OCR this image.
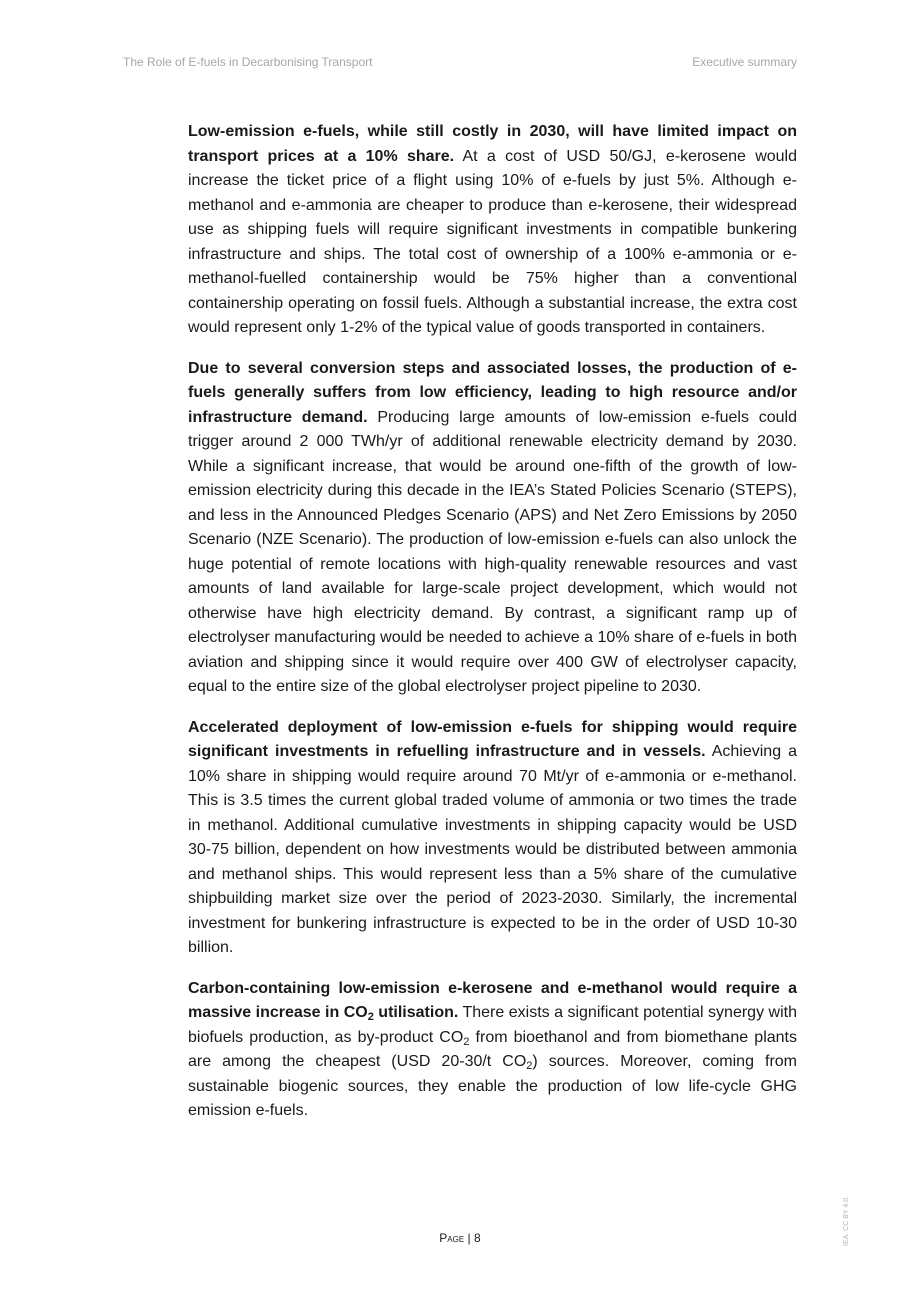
The Role of E-fuels in Decarbonising Transport	Executive summary

Low-emission e-fuels, while still costly in 2030, will have limited impact on transport prices at a 10% share. At a cost of USD 50/GJ, e-kerosene would increase the ticket price of a flight using 10% of e-fuels by just 5%. Although e-methanol and e-ammonia are cheaper to produce than e-kerosene, their widespread use as shipping fuels will require significant investments in compatible bunkering infrastructure and ships. The total cost of ownership of a 100% e-ammonia or e-methanol-fuelled containership would be 75% higher than a conventional containership operating on fossil fuels. Although a substantial increase, the extra cost would represent only 1-2% of the typical value of goods transported in containers.

Due to several conversion steps and associated losses, the production of e-fuels generally suffers from low efficiency, leading to high resource and/or infrastructure demand. Producing large amounts of low-emission e-fuels could trigger around 2 000 TWh/yr of additional renewable electricity demand by 2030. While a significant increase, that would be around one-fifth of the growth of low-emission electricity during this decade in the IEA’s Stated Policies Scenario (STEPS), and less in the Announced Pledges Scenario (APS) and Net Zero Emissions by 2050 Scenario (NZE Scenario). The production of low-emission e-fuels can also unlock the huge potential of remote locations with high-quality renewable resources and vast amounts of land available for large-scale project development, which would not otherwise have high electricity demand. By contrast, a significant ramp up of electrolyser manufacturing would be needed to achieve a 10% share of e-fuels in both aviation and shipping since it would require over 400 GW of electrolyser capacity, equal to the entire size of the global electrolyser project pipeline to 2030.

Accelerated deployment of low-emission e-fuels for shipping would require significant investments in refuelling infrastructure and in vessels. Achieving a 10% share in shipping would require around 70 Mt/yr of e-ammonia or e-methanol. This is 3.5 times the current global traded volume of ammonia or two times the trade in methanol. Additional cumulative investments in shipping capacity would be USD 30-75 billion, dependent on how investments would be distributed between ammonia and methanol ships. This would represent less than a 5% share of the cumulative shipbuilding market size over the period of 2023-2030. Similarly, the incremental investment for bunkering infrastructure is expected to be in the order of USD 10-30 billion.

Carbon-containing low-emission e-kerosene and e-methanol would require a massive increase in $CO_2$ utilisation. There exists a significant potential synergy with biofuels production, as by-product $CO_2$ from bioethanol and from biomethane plants are among the cheapest (USD 20-30/t $CO_2$) sources. Moreover, coming from sustainable biogenic sources, they enable the production of low life-cycle GHG emission e-fuels.

Page | 8	IEA. CC BY 4.0.
